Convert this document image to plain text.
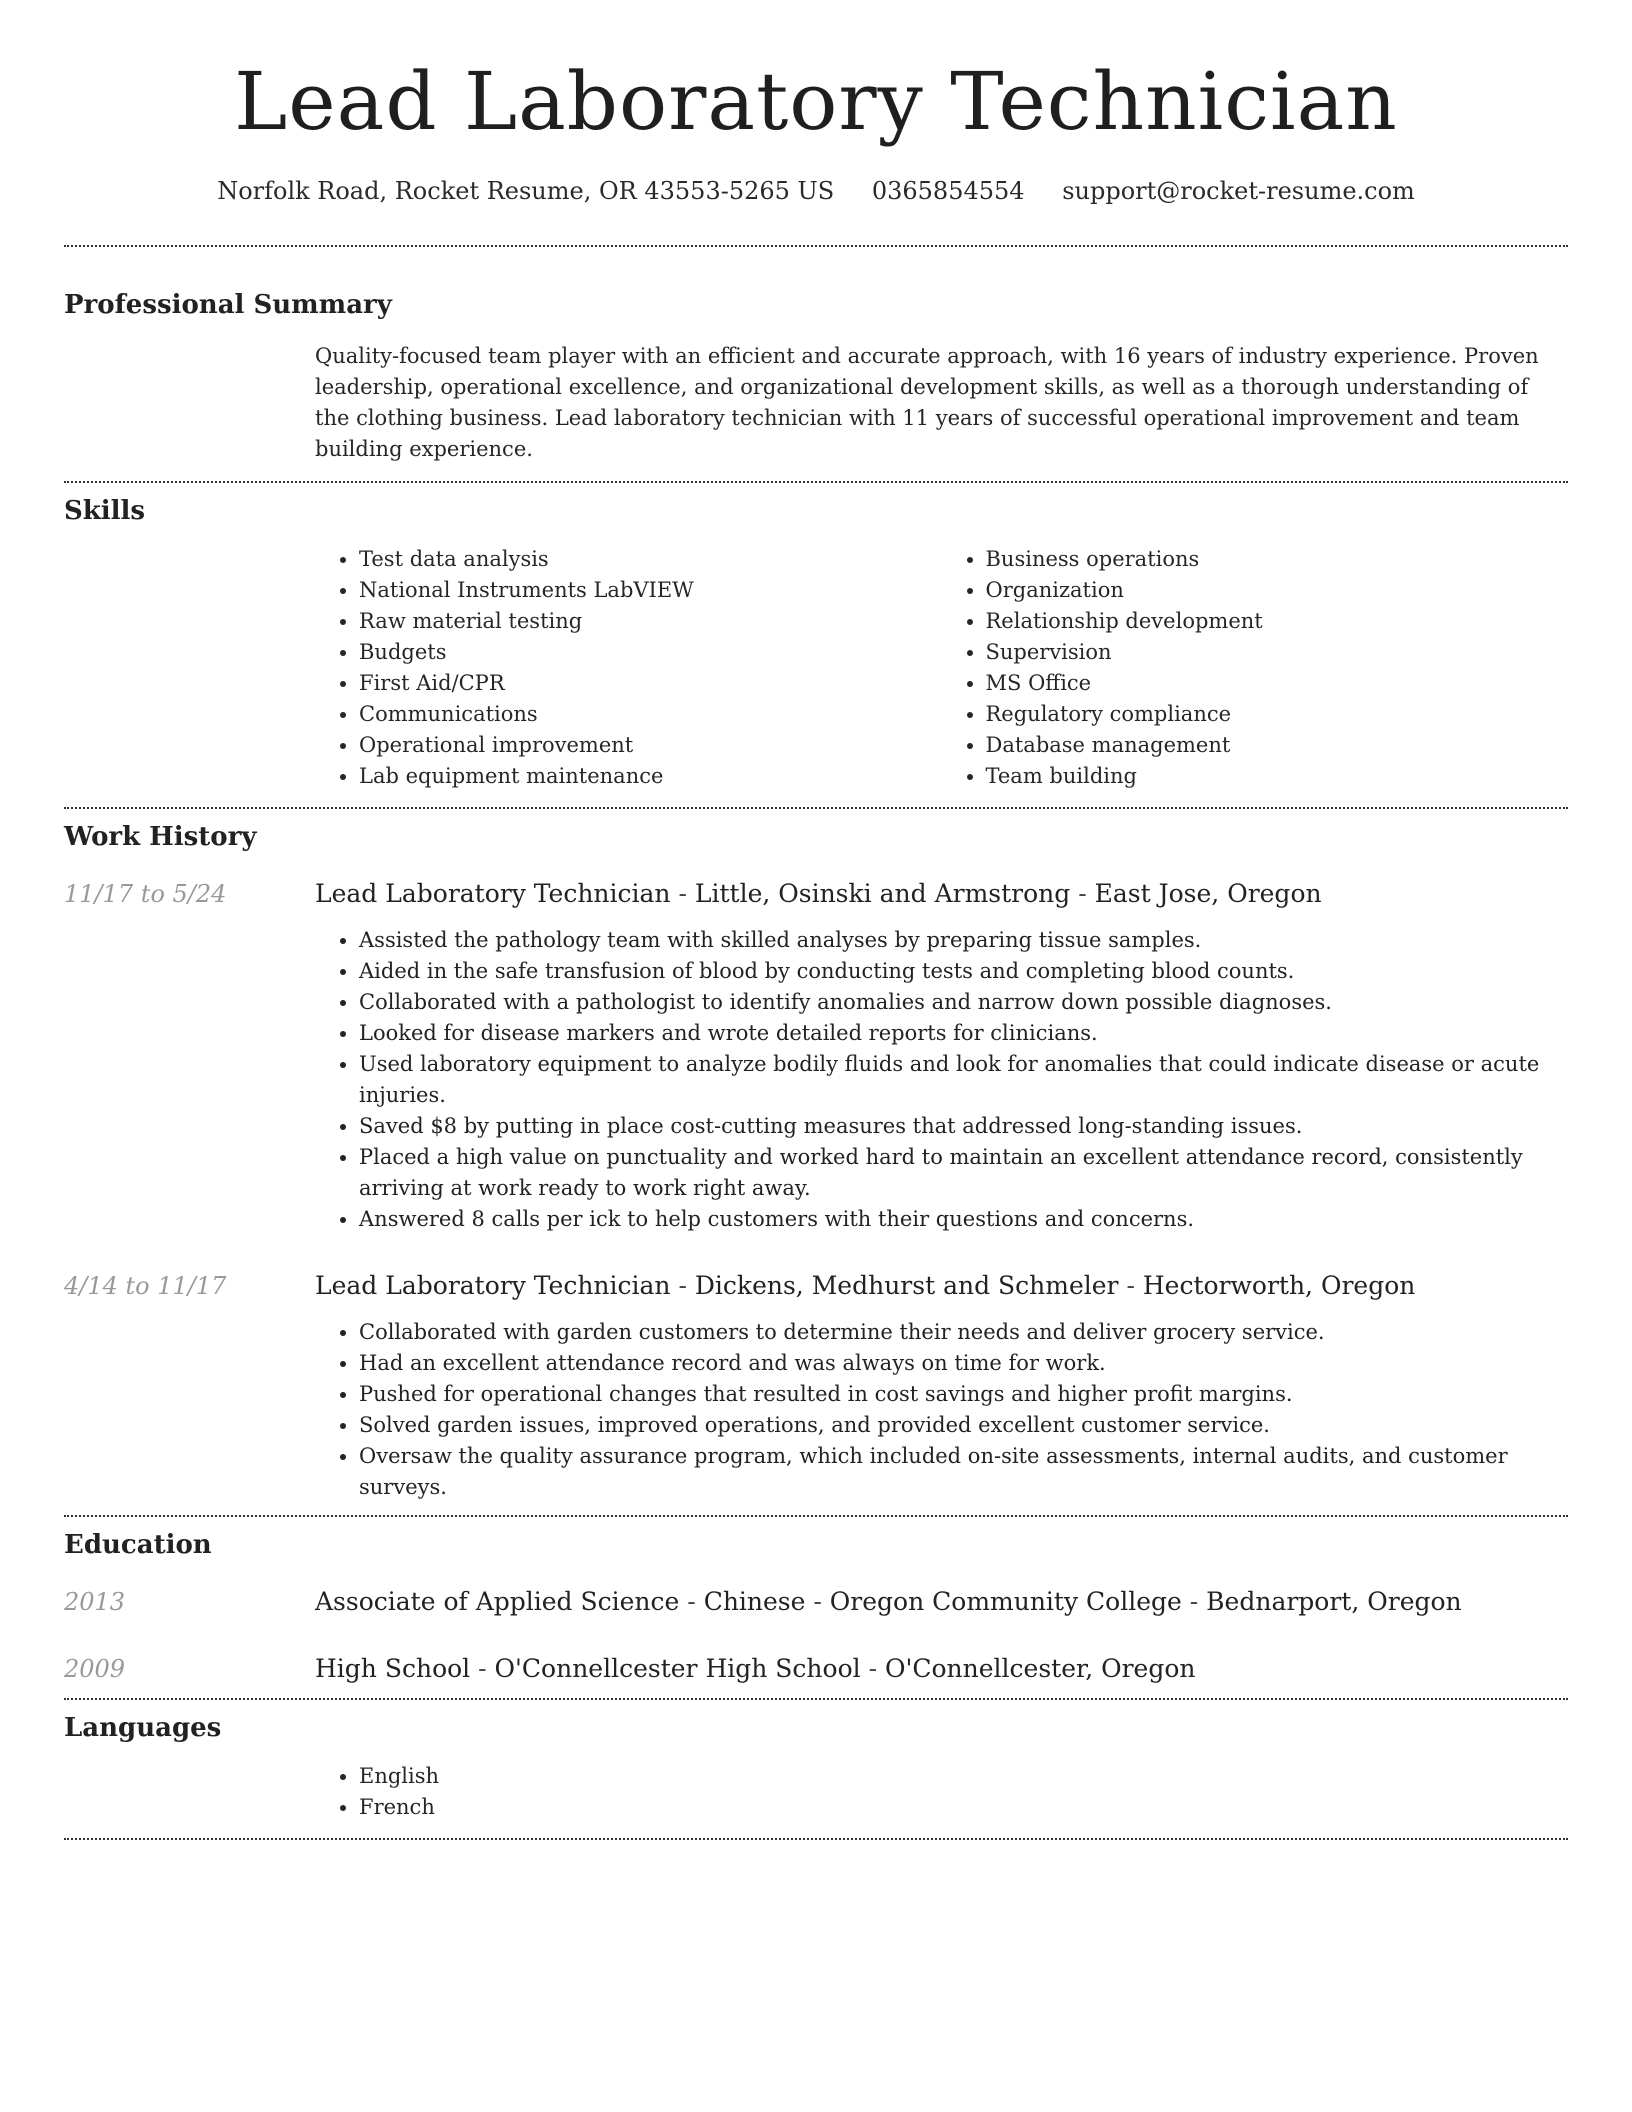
Lead Laboratory Technician
Norfolk Road, Rocket Resume, OR 43553-5265 US 0365854554 support@rocket-resume.com
Professional Summary

Quality-focused team player with an efficient and accurate approach, with 16 years of industry experience. Proven leadership, operational excellence, and organizational development skills, as well as a thorough understanding of the clothing business. Lead laboratory technician with 11 years of successful operational improvement and team building experience.

Skills
• Test data analysis
• National Instruments LabVIEW
• Raw material testing
• Budgets
• First Aid/CPR
• Communications
• Operational improvement
• Lab equipment maintenance
• Business operations
• Organization
• Relationship development
• Supervision
• MS Office
• Regulatory compliance
• Database management
• Team building
Work History
11/17 to 5/24	Lead Laboratory Technician - Little, Osinski and Armstrong - East Jose, Oregon
• Assisted the pathology team with skilled analyses by preparing tissue samples.
• Aided in the safe transfusion of blood by conducting tests and completing blood counts.
• Collaborated with a pathologist to identify anomalies and narrow down possible diagnoses.
• Looked for disease markers and wrote detailed reports for clinicians.
• Used laboratory equipment to analyze bodily fluids and look for anomalies that could indicate disease or acute injuries.
• Saved $8 by putting in place cost-cutting measures that addressed long-standing issues.
• Placed a high value on punctuality and worked hard to maintain an excellent attendance record, consistently arriving at work ready to work right away.
• Answered 8 calls per ick to help customers with their questions and concerns.
4/14 to 11/17	Lead Laboratory Technician - Dickens, Medhurst and Schmeler - Hectorworth, Oregon
• Collaborated with garden customers to determine their needs and deliver grocery service.
• Had an excellent attendance record and was always on time for work.
• Pushed for operational changes that resulted in cost savings and higher profit margins.
• Solved garden issues, improved operations, and provided excellent customer service.
• Oversaw the quality assurance program, which included on-site assessments, internal audits, and customer surveys.
Education
2013	Associate of Applied Science - Chinese - Oregon Community College - Bednarport, Oregon
2009	High School - O'Connellcester High School - O'Connellcester, Oregon
Languages
• English
• French
